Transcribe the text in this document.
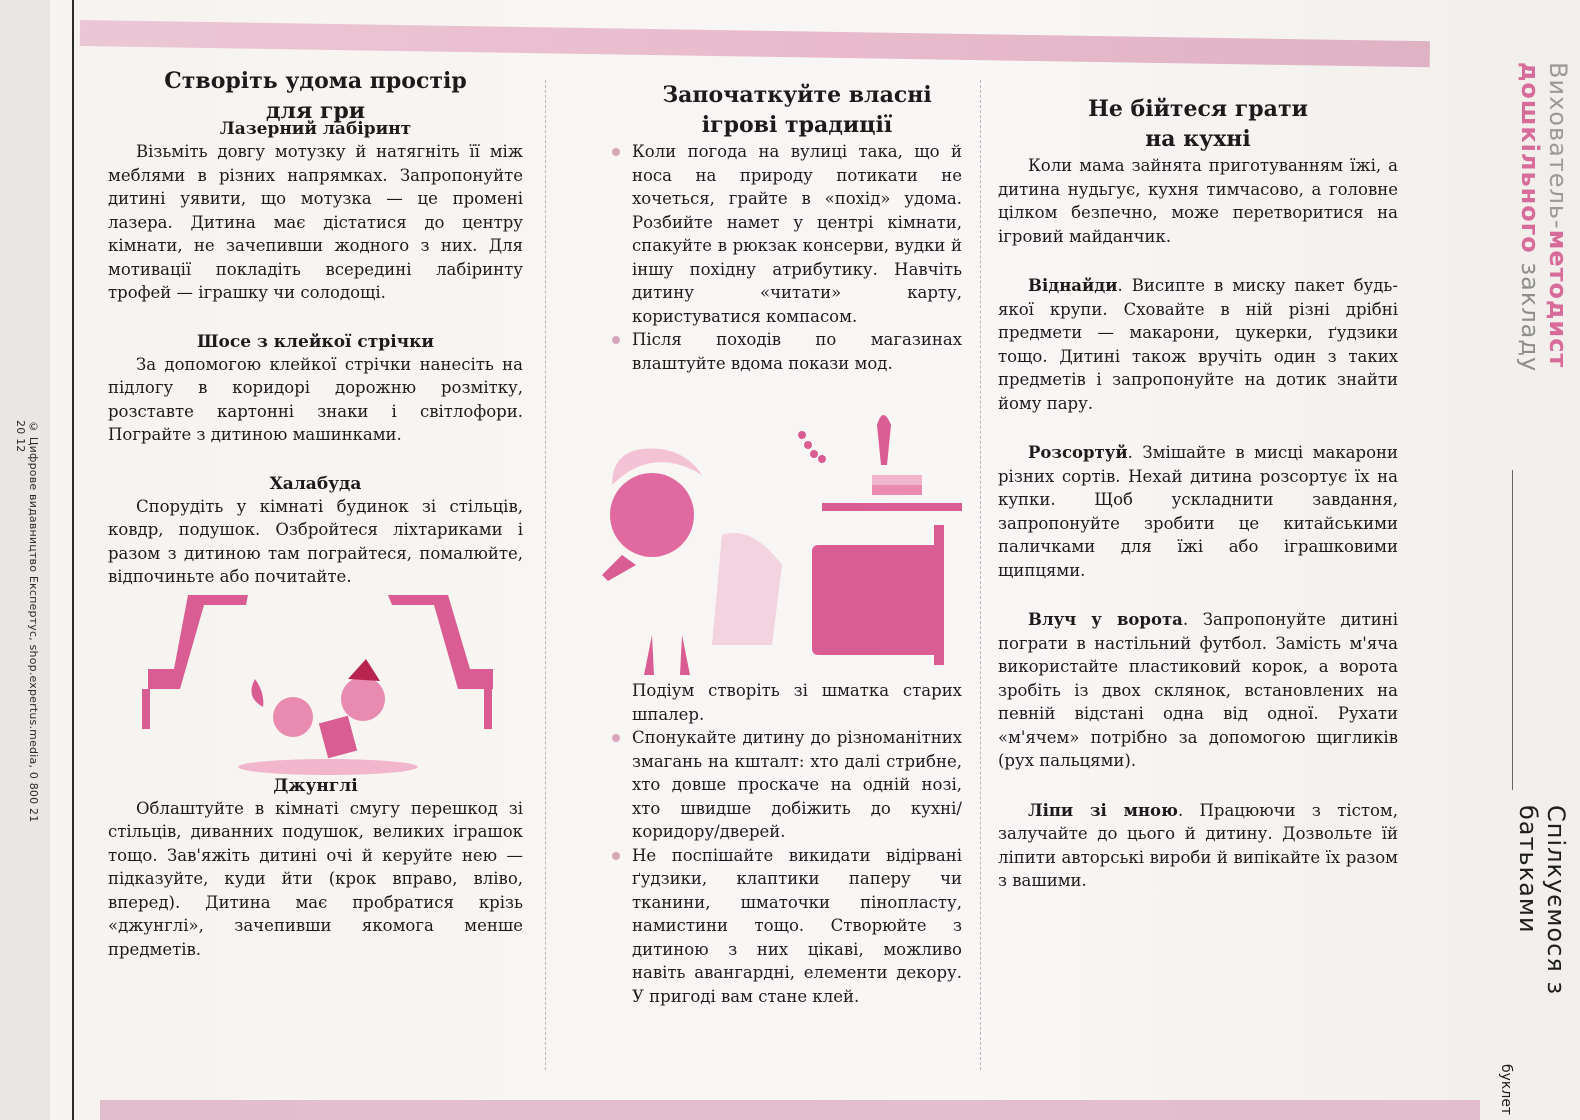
© Цифрове видавництво Експертус, shop.expertus.media, 0 800 21 20 12
Створіть удома простір
для гри
Лазерний лабіринт

Візьміть довгу мотузку й натягніть її між меблями в різних напрямках. Запропонуйте дитині уявити, що мотузка — це промені лазера. Дитина має дістатися до центру кімнати, не зачепивши жодного з них. Для мотивації покладіть всередині лабіринту трофей — іграшку чи солодощі.

Шосе з клейкої стрічки

За допомогою клейкої стрічки нанесіть на підлогу в коридорі дорожню розмітку, розставте картонні знаки і світлофори. Пограйте з дитиною машинками.

Халабуда

Спорудіть у кімнаті будинок зі стільців, ковдр, подушок. Озбройтеся ліхтариками і разом з дитиною там пограйтеся, помалюйте, відпочиньте або почитайте.

Джунглі

Облаштуйте в кімнаті смугу перешкод зі стільців, диванних подушок, великих іграшок тощо. Зав'яжіть дитині очі й керуйте нею — підказуйте, куди йти (крок вправо, вліво, вперед). Дитина має пробратися крізь «джунглі», зачепивши якомога менше предметів.

Започаткуйте власні
ігрові традиції

Коли погода на вулиці така, що й носа на природу потикати не хочеться, грайте в «похід» удома. Розбийте намет у центрі кімнати, спакуйте в рюкзак консерви, вудки й іншу похідну атрибутику. Навчіть дитину «читати» карту, користуватися компасом.

Після походів по магазинах влаштуйте вдома покази мод.

Подіум створіть зі шматка старих шпалер.

Спонукайте дитину до різноманітних змагань на кшталт: хто далі стрибне, хто довше проскаче на одній нозі, хто швидше добіжить до кухні/коридору/дверей.

Не поспішайте викидати відірвані ґудзики, клаптики паперу чи тканини, шматочки пінопласту, намистини тощо. Створюйте з дитиною з них цікаві, можливо навіть авангардні, елементи декору. У пригоді вам стане клей.

Не бійтеся грати
на кухні

Коли мама зайнята приготуванням їжі, а дитина нудьгує, кухня тимчасово, а головне цілком безпечно, може перетворитися на ігровий майданчик.

Віднайди. Висипте в миску пакет будь-якої крупи. Сховайте в ній різні дрібні предмети — макарони, цукерки, ґудзики тощо. Дитині також вручіть один з таких предметів і запропонуйте на дотик знайти йому пару.

Розсортуй. Змішайте в мисці макарони різних сортів. Нехай дитина розсортує їх на купки. Щоб ускладнити завдання, запропонуйте зробити це китайськими паличками для їжі або іграшковими щипцями.

Влуч у ворота. Запропонуйте дитині пограти в настільний футбол. Замість м'яча використайте пластиковий корок, а ворота зробіть із двох склянок, встановлених на певній відстані одна від одної. Рухати «м'ячем» потрібно за допомогою щигликів (рух пальцями).

Ліпи зі мною. Працюючи з тістом, залучайте до цього й дитину. Дозвольте їй ліпити авторські вироби й випікайте їх разом з вашими.

Вихователь-методист
дошкільного закладу
Спілкуємося з батьками
буклет
